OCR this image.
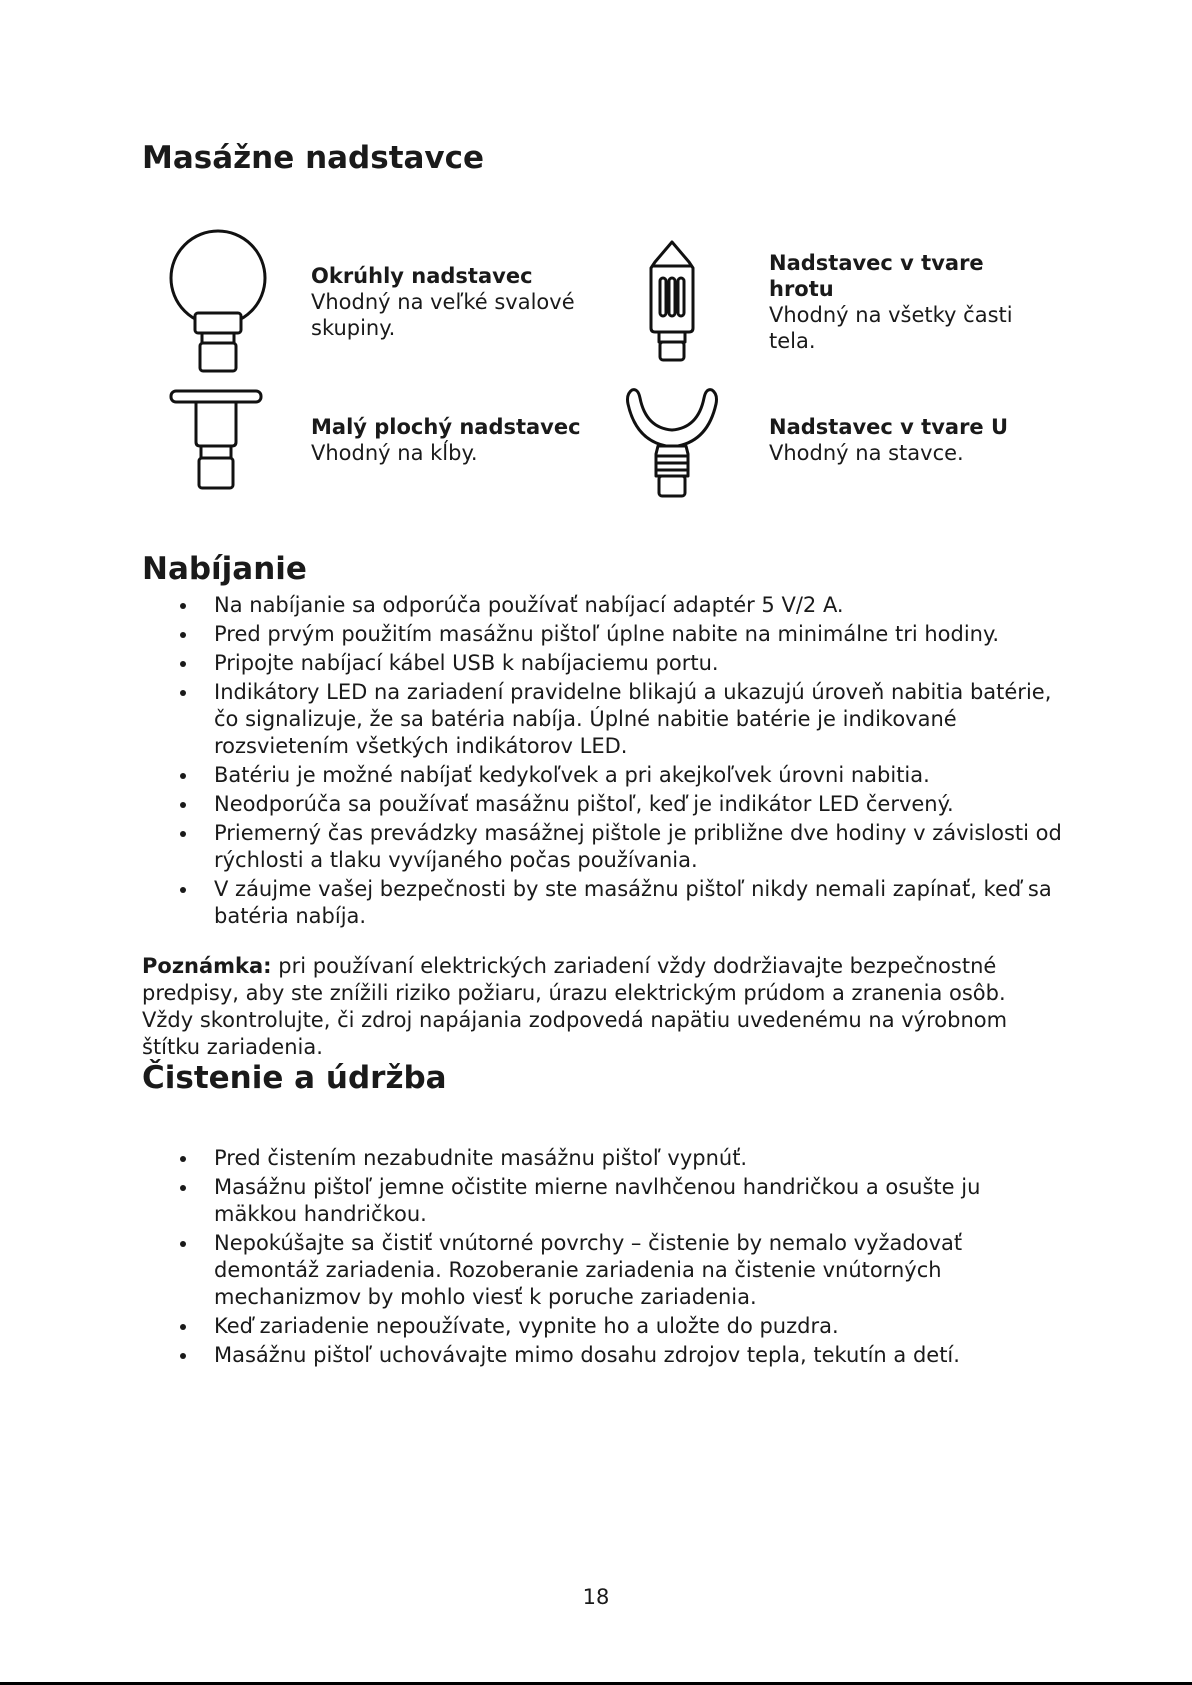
Masážne nadstavce
Okrúhly nadstavec
Vhodný na veľké svalové skupiny.
Nadstavec v tvare hrotu
Vhodný na všetky časti tela.
Malý plochý nadstavec
Vhodný na kĺby.
Nadstavec v tvare U
Vhodný na stavce.
Nabíjanie
Na nabíjanie sa odporúča používať nabíjací adaptér 5 V/2 A.
Pred prvým použitím masážnu pištoľ úplne nabite na minimálne tri hodiny.
Pripojte nabíjací kábel USB k nabíjaciemu portu.
Indikátory LED na zariadení pravidelne blikajú a ukazujú úroveň nabitia batérie, čo signalizuje, že sa batéria nabíja. Úplné nabitie batérie je indikované rozsvietením všetkých indikátorov LED.
Batériu je možné nabíjať kedykoľvek a pri akejkoľvek úrovni nabitia.
Neodporúča sa používať masážnu pištoľ, keď je indikátor LED červený.
Priemerný čas prevádzky masážnej pištole je približne dve hodiny v závislosti od rýchlosti a tlaku vyvíjaného počas používania.
V záujme vašej bezpečnosti by ste masážnu pištoľ nikdy nemali zapínať, keď sa batéria nabíja.

Poznámka: pri používaní elektrických zariadení vždy dodržiavajte bezpečnostné predpisy, aby ste znížili riziko požiaru, úrazu elektrickým prúdom a zranenia osôb. Vždy skontrolujte, či zdroj napájania zodpovedá napätiu uvedenému na výrobnom štítku zariadenia.

Čistenie a údržba
Pred čistením nezabudnite masážnu pištoľ vypnúť.
Masážnu pištoľ jemne očistite mierne navlhčenou handričkou a osušte ju mäkkou handričkou.
Nepokúšajte sa čistiť vnútorné povrchy – čistenie by nemalo vyžadovať demontáž zariadenia. Rozoberanie zariadenia na čistenie vnútorných mechanizmov by mohlo viesť k poruche zariadenia.
Keď zariadenie nepoužívate, vypnite ho a uložte do puzdra.
Masážnu pištoľ uchovávajte mimo dosahu zdrojov tepla, tekutín a detí.
18
